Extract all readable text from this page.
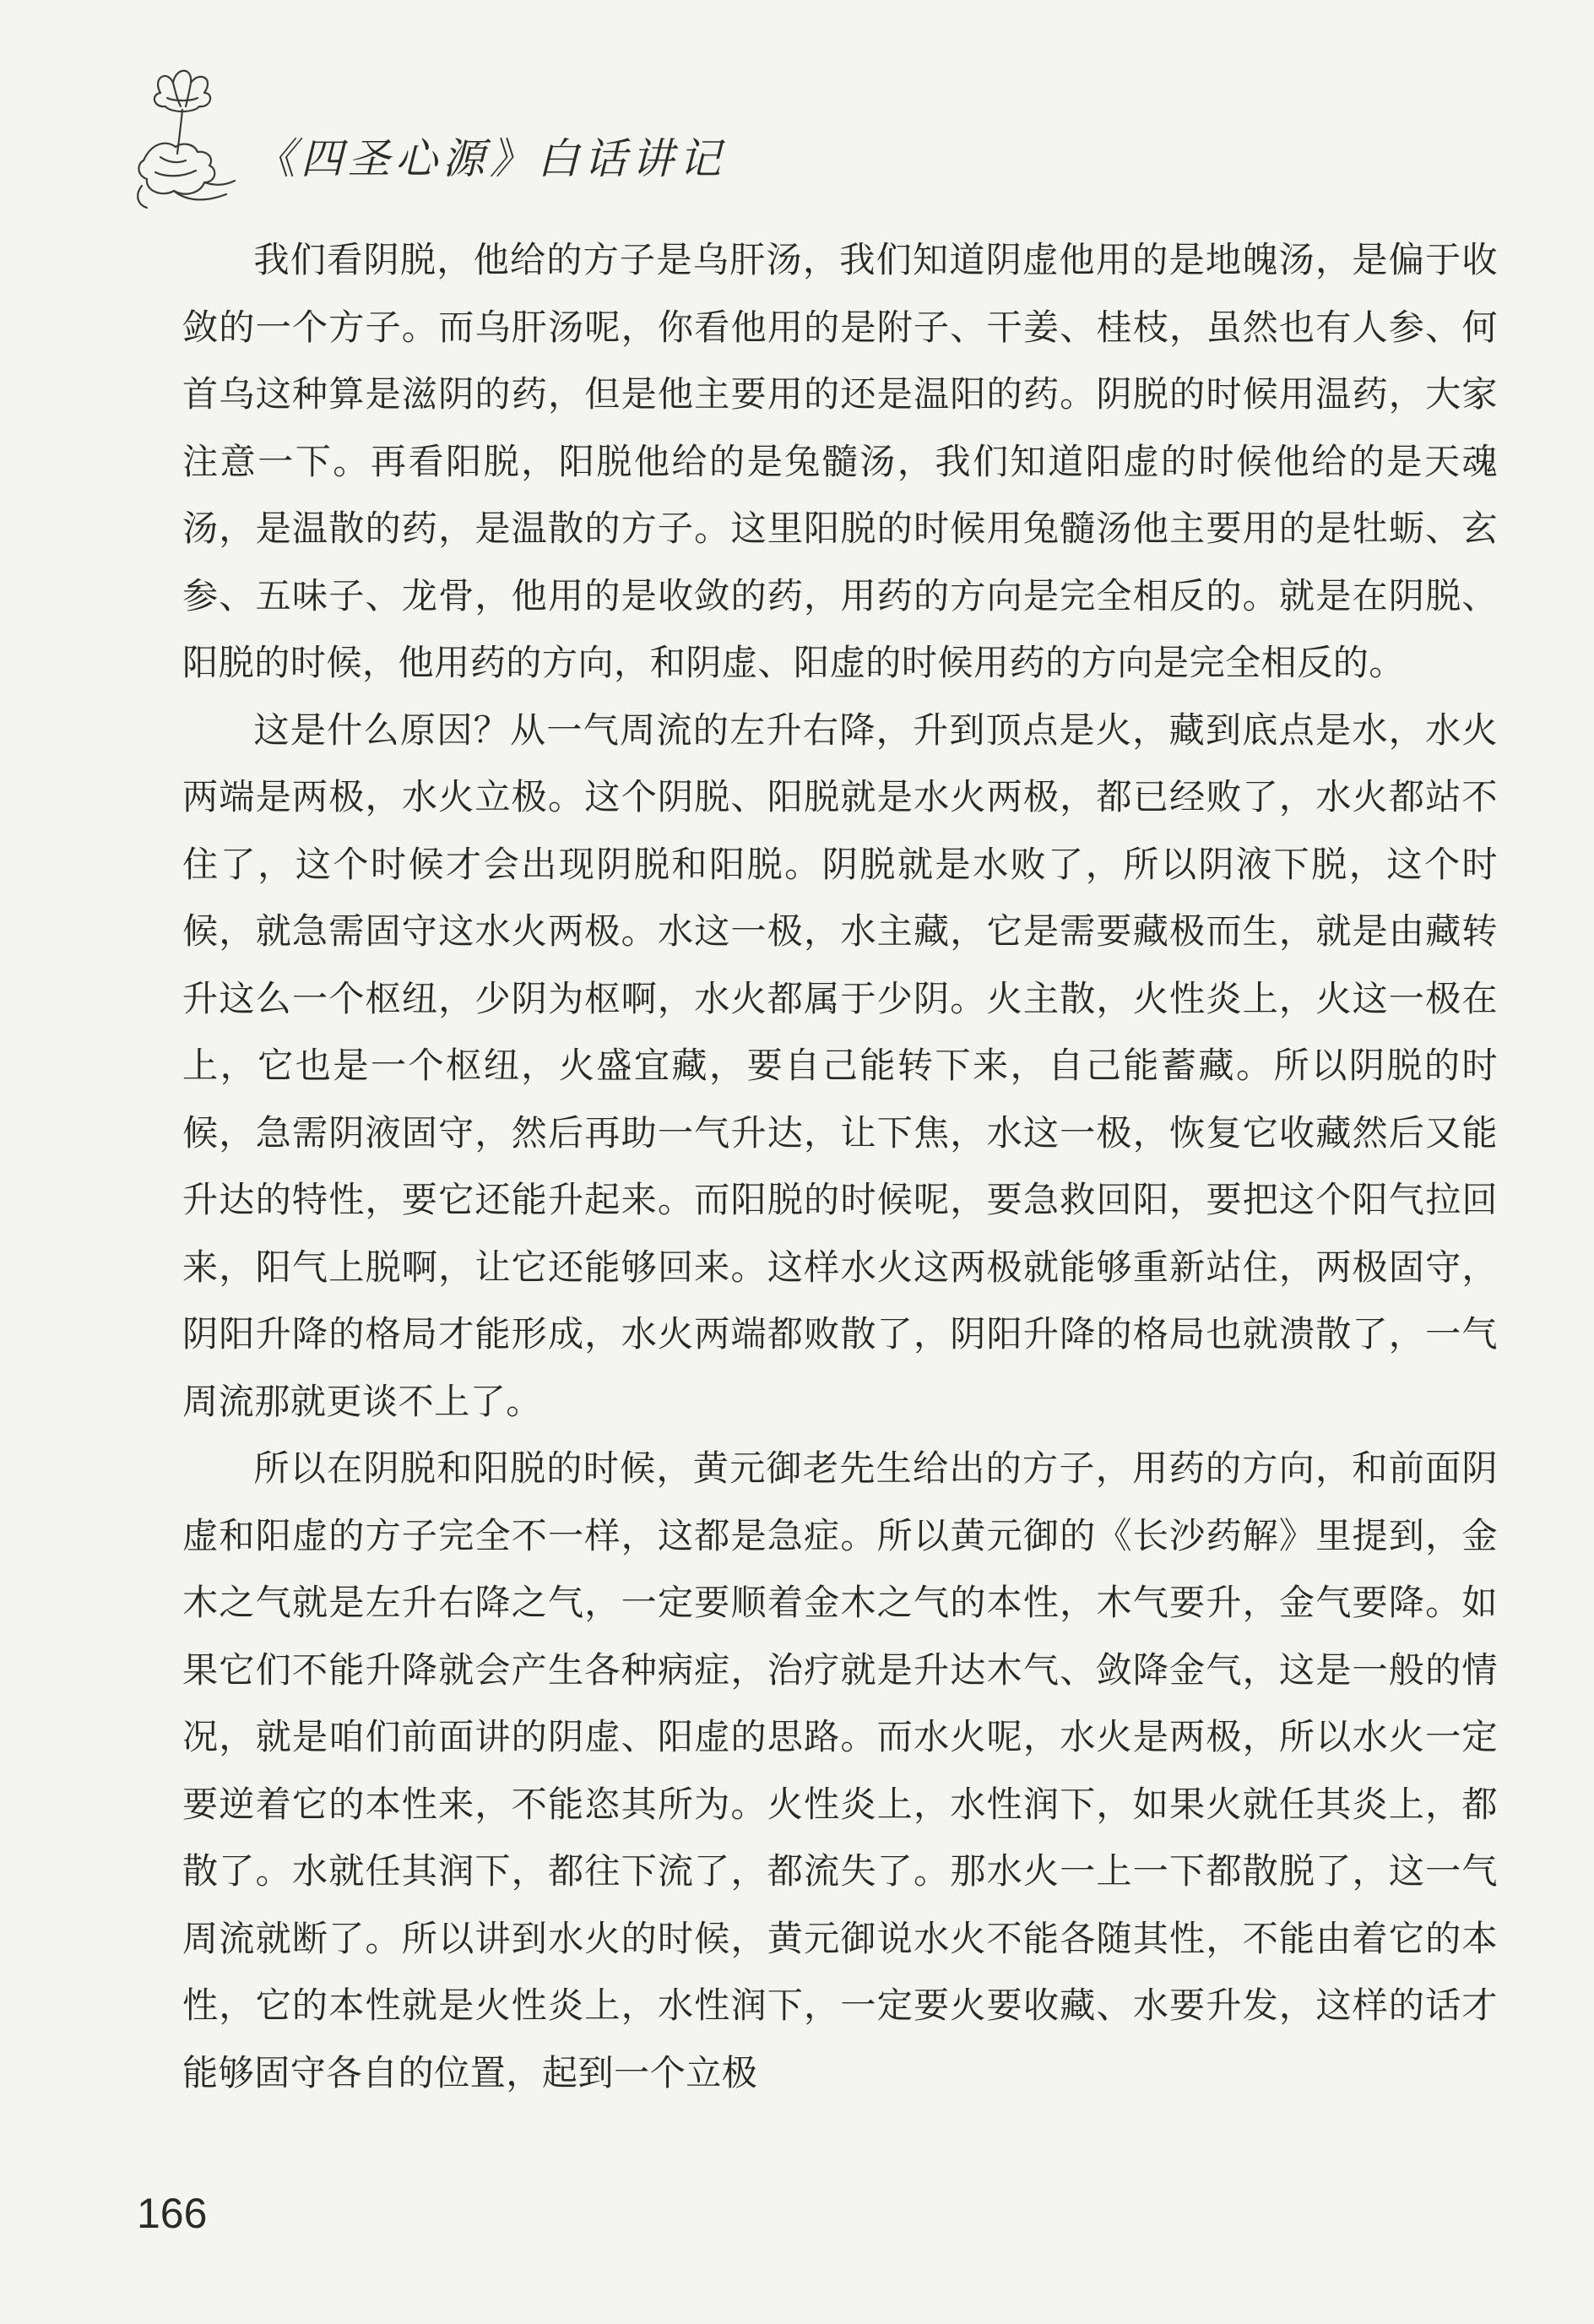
《四圣心源》白话讲记

我们看阴脱，他给的方子是乌肝汤，我们知道阴虚他用的是地魄汤，是偏于收敛的一个方子。而乌肝汤呢，你看他用的是附子、干姜、桂枝，虽然也有人参、何首乌这种算是滋阴的药，但是他主要用的还是温阳的药。阴脱的时候用温药，大家注意一下。再看阳脱，阳脱他给的是兔髓汤，我们知道阳虚的时候他给的是天魂汤，是温散的药，是温散的方子。这里阳脱的时候用兔髓汤他主要用的是牡蛎、玄参、五味子、龙骨，他用的是收敛的药，用药的方向是完全相反的。就是在阴脱、阳脱的时候，他用药的方向，和阴虚、阳虚的时候用药的方向是完全相反的。

这是什么原因？从一气周流的左升右降，升到顶点是火，藏到底点是水，水火两端是两极，水火立极。这个阴脱、阳脱就是水火两极，都已经败了，水火都站不住了，这个时候才会出现阴脱和阳脱。阴脱就是水败了，所以阴液下脱，这个时候，就急需固守这水火两极。水这一极，水主藏，它是需要藏极而生，就是由藏转升这么一个枢纽，少阴为枢啊，水火都属于少阴。火主散，火性炎上，火这一极在上，它也是一个枢纽，火盛宜藏，要自己能转下来，自己能蓄藏。所以阴脱的时候，急需阴液固守，然后再助一气升达，让下焦，水这一极，恢复它收藏然后又能升达的特性，要它还能升起来。而阳脱的时候呢，要急救回阳，要把这个阳气拉回来，阳气上脱啊，让它还能够回来。这样水火这两极就能够重新站住，两极固守，阴阳升降的格局才能形成，水火两端都败散了，阴阳升降的格局也就溃散了，一气周流那就更谈不上了。

所以在阴脱和阳脱的时候，黄元御老先生给出的方子，用药的方向，和前面阴虚和阳虚的方子完全不一样，这都是急症。所以黄元御的《长沙药解》里提到，金木之气就是左升右降之气，一定要顺着金木之气的本性，木气要升，金气要降。如果它们不能升降就会产生各种病症，治疗就是升达木气、敛降金气，这是一般的情况，就是咱们前面讲的阴虚、阳虚的思路。而水火呢，水火是两极，所以水火一定要逆着它的本性来，不能恣其所为。火性炎上，水性润下，如果火就任其炎上，都散了。水就任其润下，都往下流了，都流失了。那水火一上一下都散脱了，这一气周流就断了。所以讲到水火的时候，黄元御说水火不能各随其性，不能由着它的本性，它的本性就是火性炎上，水性润下，一定要火要收藏、水要升发，这样的话才能够固守各自的位置，起到一个立极

166
